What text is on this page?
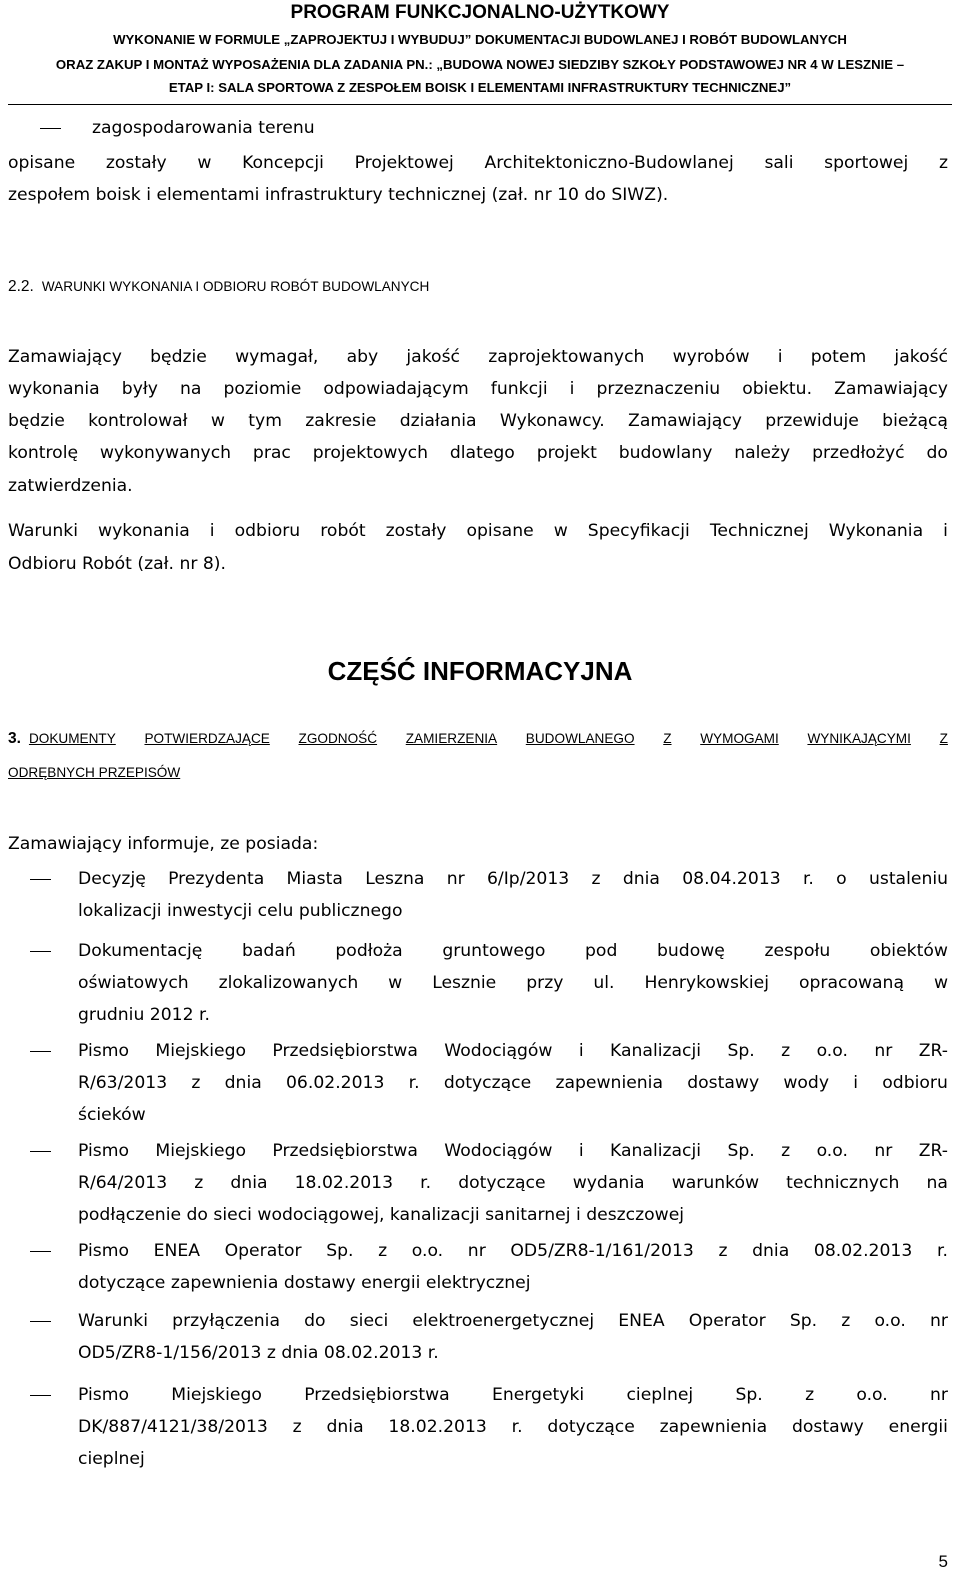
PROGRAM FUNKCJONALNO-UŻYTKOWY
WYKONANIE W FORMULE „ZAPROJEKTUJ I WYBUDUJ” DOKUMENTACJI BUDOWLANEJ I ROBÓT BUDOWLANYCH
ORAZ ZAKUP I MONTAŻ WYPOSAŻENIA DLA ZADANIA PN.: „BUDOWA NOWEJ SIEDZIBY SZKOŁY PODSTAWOWEJ NR 4 W LESZNIE –
ETAP I: SALA SPORTOWA Z ZESPOŁEM BOISK I ELEMENTAMI INFRASTRUKTURY TECHNICZNEJ”
zagospodarowania terenu
opisane zostały w Koncepcji Projektowej Architektoniczno-Budowlanej sali sportowej z
zespołem boisk i elementami infrastruktury technicznej (zał. nr 10 do SIWZ).
2.2. WARUNKI WYKONANIA I ODBIORU ROBÓT BUDOWLANYCH
Zamawiający będzie wymagał, aby jakość zaprojektowanych wyrobów i potem jakość
wykonania były na poziomie odpowiadającym funkcji i przeznaczeniu obiektu. Zamawiający
będzie kontrolował w tym zakresie działania Wykonawcy. Zamawiający przewiduje bieżącą
kontrolę wykonywanych prac projektowych dlatego projekt budowlany należy przedłożyć do
zatwierdzenia.
Warunki wykonania i odbioru robót zostały opisane w Specyfikacji Technicznej Wykonania i
Odbioru Robót (zał. nr 8).
CZĘŚĆ INFORMACYJNA
3. DOKUMENTY POTWIERDZAJĄCE ZGODNOŚĆ ZAMIERZENIA BUDOWLANEGO Z WYMOGAMI WYNIKAJĄCYMI Z
ODRĘBNYCH PRZEPISÓW
Zamawiający informuje, ze posiada:
Decyzję Prezydenta Miasta Leszna nr 6/Ip/2013 z dnia 08.04.2013 r. o ustaleniu
lokalizacji inwestycji celu publicznego
Dokumentację badań podłoża gruntowego pod budowę zespołu obiektów
oświatowych zlokalizowanych w Lesznie przy ul. Henrykowskiej opracowaną w
grudniu 2012 r.
Pismo Miejskiego Przedsiębiorstwa Wodociągów i Kanalizacji Sp. z o.o. nr ZR-
R/63/2013 z dnia 06.02.2013 r. dotyczące zapewnienia dostawy wody i odbioru
ścieków
Pismo Miejskiego Przedsiębiorstwa Wodociągów i Kanalizacji Sp. z o.o. nr ZR-
R/64/2013 z dnia 18.02.2013 r. dotyczące wydania warunków technicznych na
podłączenie do sieci wodociągowej, kanalizacji sanitarnej i deszczowej
Pismo ENEA Operator Sp. z o.o. nr OD5/ZR8-1/161/2013 z dnia 08.02.2013 r.
dotyczące zapewnienia dostawy energii elektrycznej
Warunki przyłączenia do sieci elektroenergetycznej ENEA Operator Sp. z o.o. nr
OD5/ZR8-1/156/2013 z dnia 08.02.2013 r.
Pismo Miejskiego Przedsiębiorstwa Energetyki cieplnej Sp. z o.o. nr
DK/887/4121/38/2013 z dnia 18.02.2013 r. dotyczące zapewnienia dostawy energii
cieplnej
5
